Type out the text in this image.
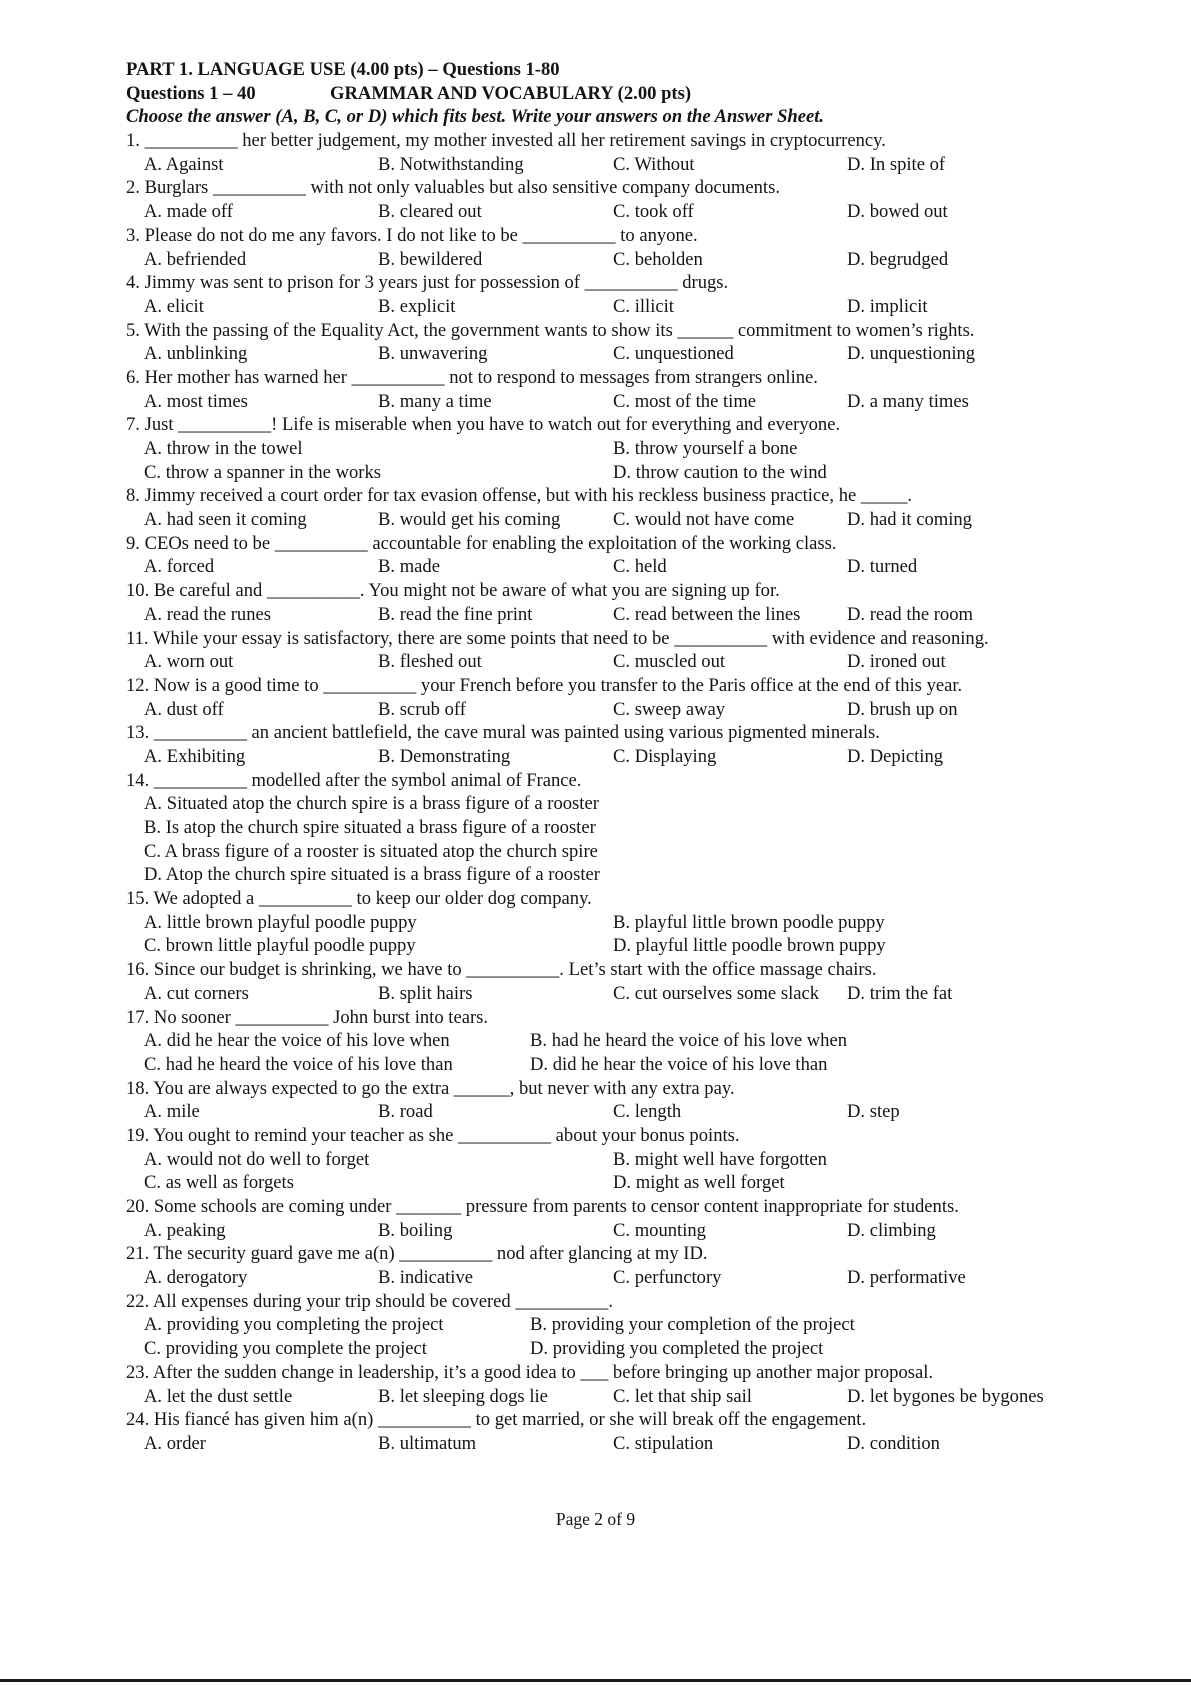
PART 1. LANGUAGE USE (4.00 pts) – Questions 1-80
Questions 1 – 40	GRAMMAR AND VOCABULARY (2.00 pts)
Choose the answer (A, B, C, or D) which fits best. Write your answers on the Answer Sheet.
1. __________ her better judgement, my mother invested all her retirement savings in cryptocurrency.
A. Against	B. Notwithstanding	C. Without	D. In spite of
2. Burglars __________ with not only valuables but also sensitive company documents.
A. made off	B. cleared out	C. took off	D. bowed out
3. Please do not do me any favors. I do not like to be __________ to anyone.
A. befriended	B. bewildered	C. beholden	D. begrudged
4. Jimmy was sent to prison for 3 years just for possession of __________ drugs.
A. elicit	B. explicit	C. illicit	D. implicit
5. With the passing of the Equality Act, the government wants to show its ______ commitment to women’s rights.
A. unblinking	B. unwavering	C. unquestioned	D. unquestioning
6. Her mother has warned her __________ not to respond to messages from strangers online.
A. most times	B. many a time	C. most of the time	D. a many times
7. Just __________! Life is miserable when you have to watch out for everything and everyone.
A. throw in the towel	B. throw yourself a bone
C. throw a spanner in the works	D. throw caution to the wind
8. Jimmy received a court order for tax evasion offense, but with his reckless business practice, he _____.
A. had seen it coming	B. would get his coming	C. would not have come	D. had it coming
9. CEOs need to be __________ accountable for enabling the exploitation of the working class.
A. forced	B. made	C. held	D. turned
10. Be careful and __________. You might not be aware of what you are signing up for.
A. read the runes	B. read the fine print	C. read between the lines	D. read the room
11. While your essay is satisfactory, there are some points that need to be __________ with evidence and reasoning.
A. worn out	B. fleshed out	C. muscled out	D. ironed out
12. Now is a good time to __________ your French before you transfer to the Paris office at the end of this year.
A. dust off	B. scrub off	C. sweep away	D. brush up on
13. __________ an ancient battlefield, the cave mural was painted using various pigmented minerals.
A. Exhibiting	B. Demonstrating	C. Displaying	D. Depicting
14. __________ modelled after the symbol animal of France.
A. Situated atop the church spire is a brass figure of a rooster
B. Is atop the church spire situated a brass figure of a rooster
C. A brass figure of a rooster is situated atop the church spire
D. Atop the church spire situated is a brass figure of a rooster
15. We adopted a __________ to keep our older dog company.
A. little brown playful poodle puppy	B. playful little brown poodle puppy
C. brown little playful poodle puppy	D. playful little poodle brown puppy
16. Since our budget is shrinking, we have to __________. Let’s start with the office massage chairs.
A. cut corners	B. split hairs	C. cut ourselves some slack D. trim the fat
17. No sooner __________ John burst into tears.
A. did he hear the voice of his love when	B. had he heard the voice of his love when
C. had he heard the voice of his love than	D. did he hear the voice of his love than
18. You are always expected to go the extra ______, but never with any extra pay.
A. mile	B. road	C. length	D. step
19. You ought to remind your teacher as she __________ about your bonus points.
A. would not do well to forget	B. might well have forgotten
C. as well as forgets	D. might as well forget
20. Some schools are coming under _______ pressure from parents to censor content inappropriate for students.
A. peaking	B. boiling	C. mounting	D. climbing
21. The security guard gave me a(n) __________ nod after glancing at my ID.
A. derogatory	B. indicative	C. perfunctory	D. performative
22. All expenses during your trip should be covered __________.
A. providing you completing the project	B. providing your completion of the project
C. providing you complete the project	D. providing you completed the project
23. After the sudden change in leadership, it’s a good idea to ___ before bringing up another major proposal.
A. let the dust settle	B. let sleeping dogs lie	C. let that ship sail	D. let bygones be bygones
24. His fiancé has given him a(n) __________ to get married, or she will break off the engagement.
A. order	B. ultimatum	C. stipulation	D. condition
Page 2 of 9
